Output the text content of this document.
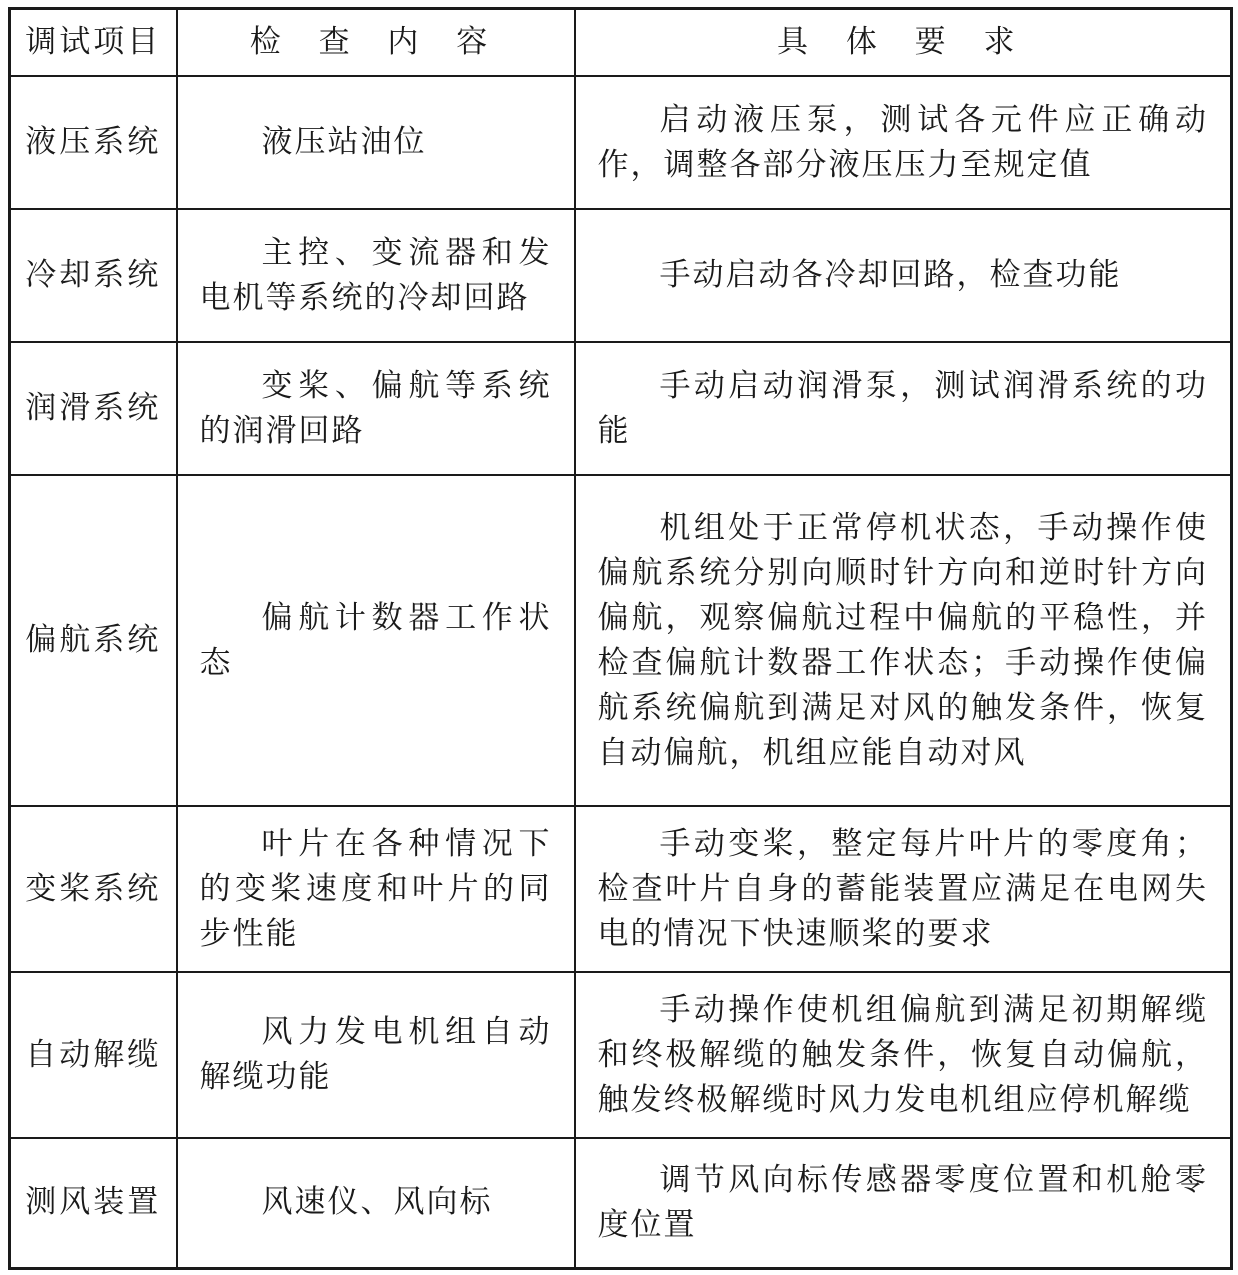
调试项目	检 查 内 容	具 体 要 求
液压系统	液压站油位	启动液压泵，测试各元件应正确动作，调整各部分液压压力至规定值
冷却系统	主控、变流器和发电机等系统的冷却回路	手动启动各冷却回路，检查功能
润滑系统	变桨、偏航等系统的润滑回路	手动启动润滑泵，测试润滑系统的功能
偏航系统	偏航计数器工作状态	机组处于正常停机状态，手动操作使偏航系统分别向顺时针方向和逆时针方向偏航，观察偏航过程中偏航的平稳性，并检查偏航计数器工作状态；手动操作使偏航系统偏航到满足对风的触发条件，恢复自动偏航，机组应能自动对风
变桨系统	叶片在各种情况下的变桨速度和叶片的同步性能	手动变桨，整定每片叶片的零度角；检查叶片自身的蓄能装置应满足在电网失电的情况下快速顺桨的要求
自动解缆	风力发电机组自动解缆功能	手动操作使机组偏航到满足初期解缆和终极解缆的触发条件，恢复自动偏航，触发终极解缆时风力发电机组应停机解缆
测风装置	风速仪、风向标	调节风向标传感器零度位置和机舱零度位置
